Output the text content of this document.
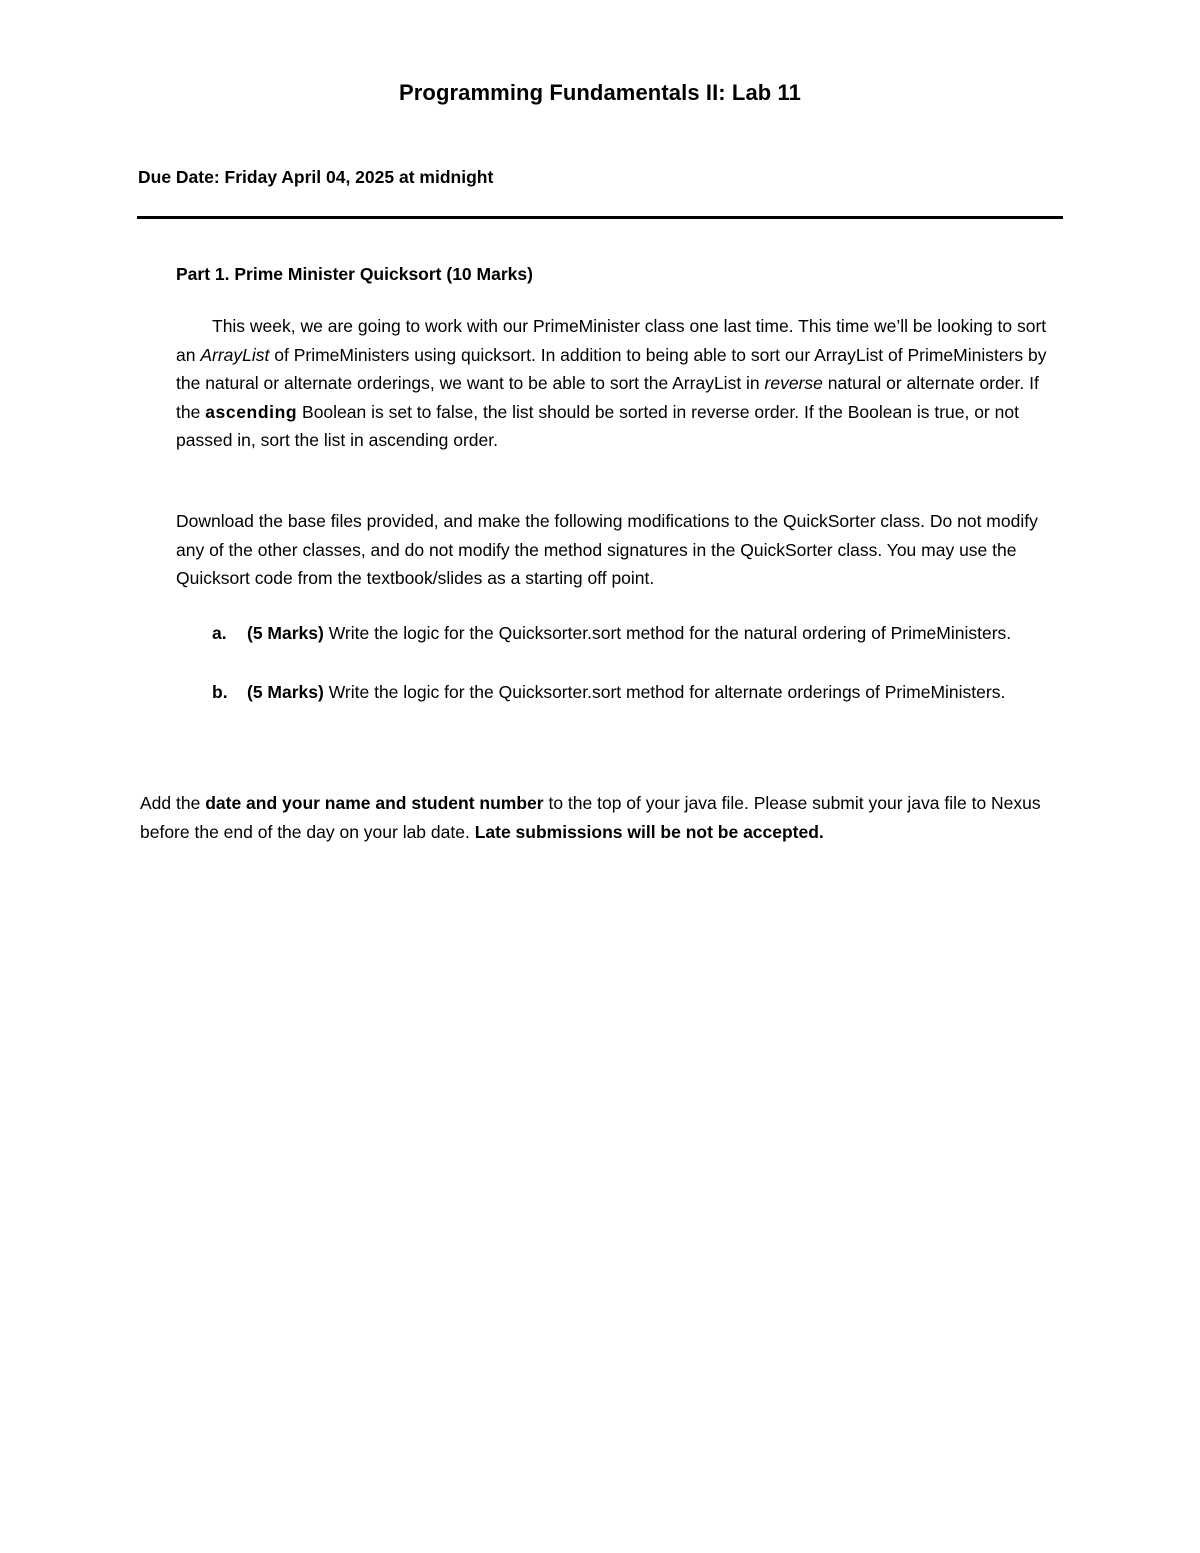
Programming Fundamentals II: Lab 11
Due Date: Friday April 04, 2025 at midnight
Part 1. Prime Minister Quicksort (10 Marks)

This week, we are going to work with our PrimeMinister class one last time. This time we’ll be looking to sort an ArrayList of PrimeMinisters using quicksort. In addition to being able to sort our ArrayList of PrimeMinisters by the natural or alternate orderings, we want to be able to sort the ArrayList in reverse natural or alternate order. If the ascending Boolean is set to false, the list should be sorted in reverse order. If the Boolean is true, or not passed in, sort the list in ascending order.

Download the base files provided, and make the following modifications to the QuickSorter class. Do not modify any of the other classes, and do not modify the method signatures in the QuickSorter class. You may use the Quicksort code from the textbook/slides as a starting off point.

a. (5 Marks) Write the logic for the Quicksorter.sort method for the natural ordering of PrimeMinisters.
b. (5 Marks) Write the logic for the Quicksorter.sort method for alternate orderings of PrimeMinisters.

Add the date and your name and student number to the top of your java file. Please submit your java file to Nexus before the end of the day on your lab date. Late submissions will be not be accepted.
